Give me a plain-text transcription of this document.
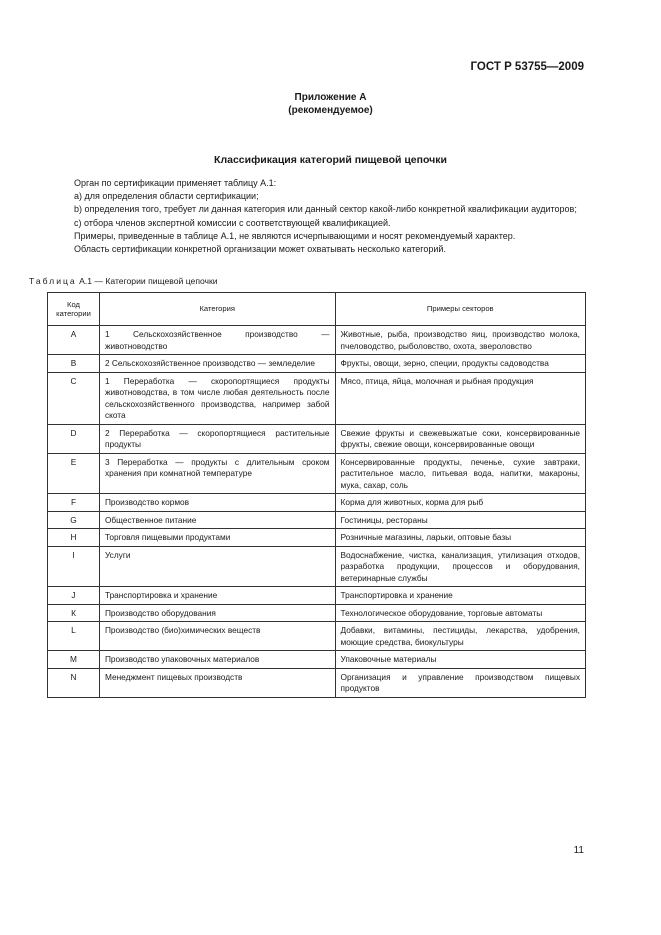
ГОСТ Р 53755—2009
Приложение А
(рекомендуемое)
Классификация категорий пищевой цепочки

Орган по сертификации применяет таблицу А.1:

a) для определения области сертификации;

b) определения того, требует ли данная категория или данный сектор какой-либо конкретной квалификации аудиторов;

c) отбора членов экспертной комиссии с соответствующей квалификацией.

Примеры, приведенные в таблице А.1, не являются исчерпывающими и носят рекомендуемый характер.

Область сертификации конкретной организации может охватывать несколько категорий.

Таблица А.1 — Категории пищевой цепочки
Код категории	Категория	Примеры секторов
А	1 Сельскохозяйственное производство — животноводство	Животные, рыба, производство яиц, производство молока, пчеловодство, рыболовство, охота, звероловство
В	2 Сельскохозяйственное производство — земледелие	Фрукты, овощи, зерно, специи, продукты садоводства
С	1 Переработка — скоропортящиеся продукты животноводства, в том числе любая деятельность после сельскохозяйственного производства, например забой скота	Мясо, птица, яйца, молочная и рыбная продукция
D	2 Переработка — скоропортящиеся растительные продукты	Свежие фрукты и свежевыжатые соки, консервированные фрукты, свежие овощи, консервированные овощи
Е	3 Переработка — продукты с длительным сроком хранения при комнатной температуре	Консервированные продукты, печенье, сухие завтраки, растительное масло, питьевая вода, напитки, макароны, мука, сахар, соль
F	Производство кормов	Корма для животных, корма для рыб
G	Общественное питание	Гостиницы, рестораны
Н	Торговля пищевыми продуктами	Розничные магазины, ларьки, оптовые базы
I	Услуги	Водоснабжение, чистка, канализация, утилизация отходов, разработка продукции, процессов и оборудования, ветеринарные службы
J	Транспортировка и хранение	Транспортировка и хранение
К	Производство оборудования	Технологическое оборудование, торговые автоматы
L	Производство (био)химических веществ	Добавки, витамины, пестициды, лекарства, удобрения, моющие средства, биокультуры
М	Производство упаковочных материалов	Упаковочные материалы
N	Менеджмент пищевых производств	Организация и управление производством пищевых продуктов
11
